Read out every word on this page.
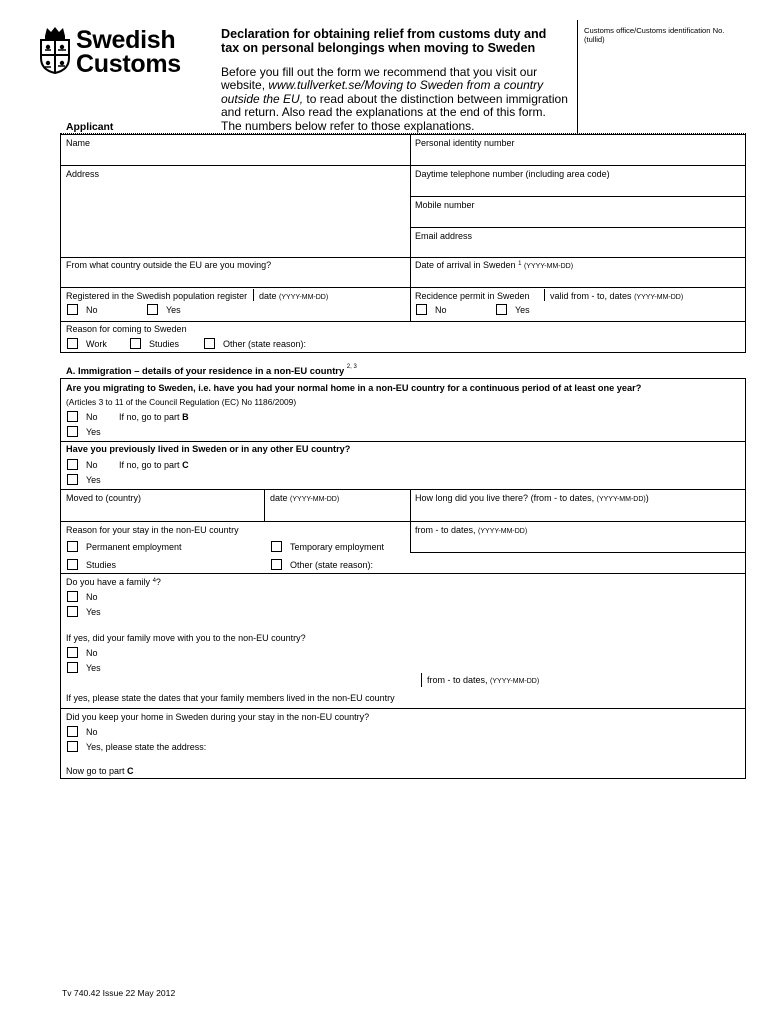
Swedish
Customs
Declaration for obtaining relief from customs duty and
tax on personal belongings when moving to Sweden
Before you fill out the form we recommend that you visit our
website, www.tullverket.se/Moving to Sweden from a country
outside the EU, to read about the distinction between immigration
and return. Also read the explanations at the end of this form.
The numbers below refer to those explanations.
Customs office/Customs identification No.
(tullid)
Applicant
Name	Personal identity number
Address	Daytime telephone number (including area code)
Mobile number
Email address
From what country outside the EU are you moving?	Date of arrival in Sweden $^1$ (YYYY-MM-DD)
Registered in the Swedish population register date (YYYY-MM-DD)
No	Yes
Recidence permit in Sweden valid from - to, dates (YYYY-MM-DD)
No	Yes
Reason for coming to Sweden
Work	Studies	Other (state reason):
A. Immigration – details of your residence in a non-EU country $^{2, 3}$
Are you migrating to Sweden, i.e. have you had your normal home in a non-EU country for a continuous period of at least one year?
(Articles 3 to 11 of the Council Regulation (EC) No 1186/2009)
No If no, go to part B
Yes
Have you previously lived in Sweden or in any other EU country?
No If no, go to part C
Yes
Moved to (country)	date (YYYY-MM-DD)	How long did you live there? (from - to dates, (YYYY-MM-DD))
Reason for your stay in the non-EU country	from - to dates, (YYYY-MM-DD)
Permanent employment	Temporary employment
Studies	Other (state reason):
Do you have a family $^4$?
No
Yes
If yes, did your family move with you to the non-EU country?
No
Yes
from - to dates, (YYYY-MM-DD)
If yes, please state the dates that your family members lived in the non-EU country
Did you keep your home in Sweden during your stay in the non-EU country?
No
Yes, please state the address:
Now go to part C
Tv 740.42 Issue 22 May 2012
